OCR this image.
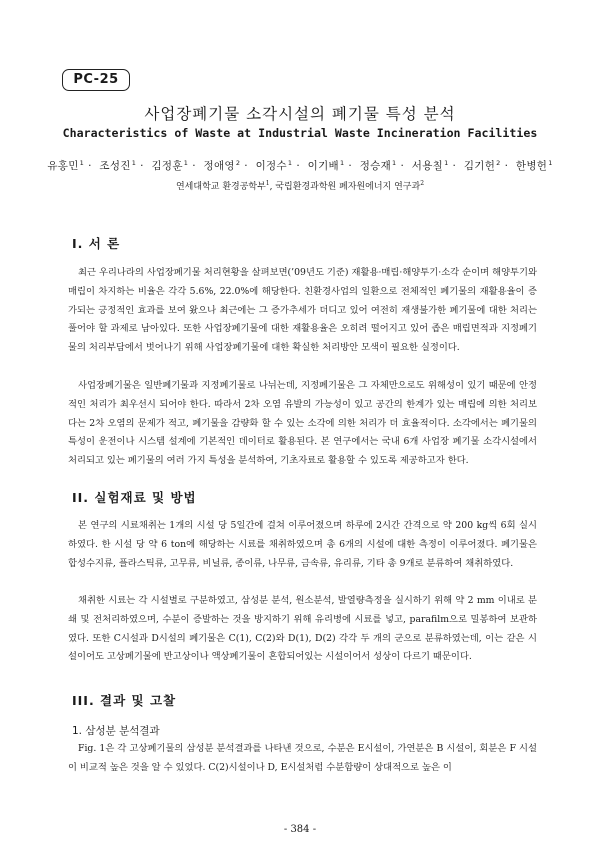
PC-25
사업장폐기물 소각시설의 폐기물 특성 분석
Characteristics of Waste at Industrial Waste Incineration Facilities
유홍민$^1$ · 조성진$^1$ · 김정훈$^1$ · 정애영$^2$ · 이정수$^1$ · 이기배$^1$ · 정승재$^1$ · 서용칠$^1$ · 김기헌$^2$ · 한병헌$^1$
연세대학교 환경공학부$^1$, 국립환경과학원 폐자원에너지 연구과$^2$
I. 서 론

최근 우리나라의 사업장폐기물 처리현황을 살펴보면(’09년도 기준) 재활용·매립·해양투기·소각 순이며 해양투기와 매립이 차지하는 비율은 각각 5.6%, 22.0%에 해당한다. 친환경사업의 일환으로 전체적인 폐기물의 재활용율이 증가되는 긍정적인 효과를 보여 왔으나 최근에는 그 증가추세가 더디고 있어 여전히 재생불가한 폐기물에 대한 처리는 풀어야 할 과제로 남아있다. 또한 사업장폐기물에 대한 재활용율은 오히려 떨어지고 있어 좁은 매립면적과 지정폐기물의 처리부담에서 벗어나기 위해 사업장폐기물에 대한 확실한 처리방안 모색이 필요한 실정이다.

사업장폐기물은 일반폐기물과 지정폐기물로 나뉘는데, 지정폐기물은 그 자체만으로도 위해성이 있기 때문에 안정적인 처리가 최우선시 되어야 한다. 따라서 2차 오염 유발의 가능성이 있고 공간의 한계가 있는 매립에 의한 처리보다는 2차 오염의 문제가 적고, 폐기물을 감량화 할 수 있는 소각에 의한 처리가 더 효율적이다. 소각에서는 폐기물의 특성이 운전이나 시스템 설계에 기본적인 데이터로 활용된다. 본 연구에서는 국내 6개 사업장 폐기물 소각시설에서 처리되고 있는 폐기물의 여러 가지 특성을 분석하여, 기초자료로 활용할 수 있도록 제공하고자 한다.

II. 실험재료 및 방법

본 연구의 시료채취는 1개의 시설 당 5일간에 걸쳐 이루어졌으며 하루에 2시간 간격으로 약 200 kg씩 6회 실시 하였다. 한 시설 당 약 6 ton에 해당하는 시료를 채취하였으며 총 6개의 시설에 대한 측정이 이루어졌다. 폐기물은 합성수지류, 플라스틱류, 고무류, 비닐류, 종이류, 나무류, 금속류, 유리류, 기타 총 9개로 분류하여 채취하였다.

채취한 시료는 각 시설별로 구분하였고, 삼성분 분석, 원소분석, 발열량측정을 실시하기 위해 약 2 mm 이내로 분쇄 및 전처리하였으며, 수분이 증발하는 것을 방지하기 위해 유리병에 시료를 넣고, parafilm으로 밀봉하여 보관하였다. 또한 C시설과 D시설의 폐기물은 C(1), C(2)와 D(1), D(2) 각각 두 개의 군으로 분류하였는데, 이는 같은 시설이어도 고상폐기물에 반고상이나 액상폐기물이 혼합되어있는 시설이어서 성상이 다르기 때문이다.

III. 결과 및 고찰
1. 삼성분 분석결과

Fig. 1은 각 고상폐기물의 삼성분 분석결과를 나타낸 것으로, 수분은 E시설이, 가연분은 B 시설이, 회분은 F 시설이 비교적 높은 것을 알 수 있었다. C(2)시설이나 D, E시설처럼 수분함량이 상대적으로 높은 이

- 384 -
